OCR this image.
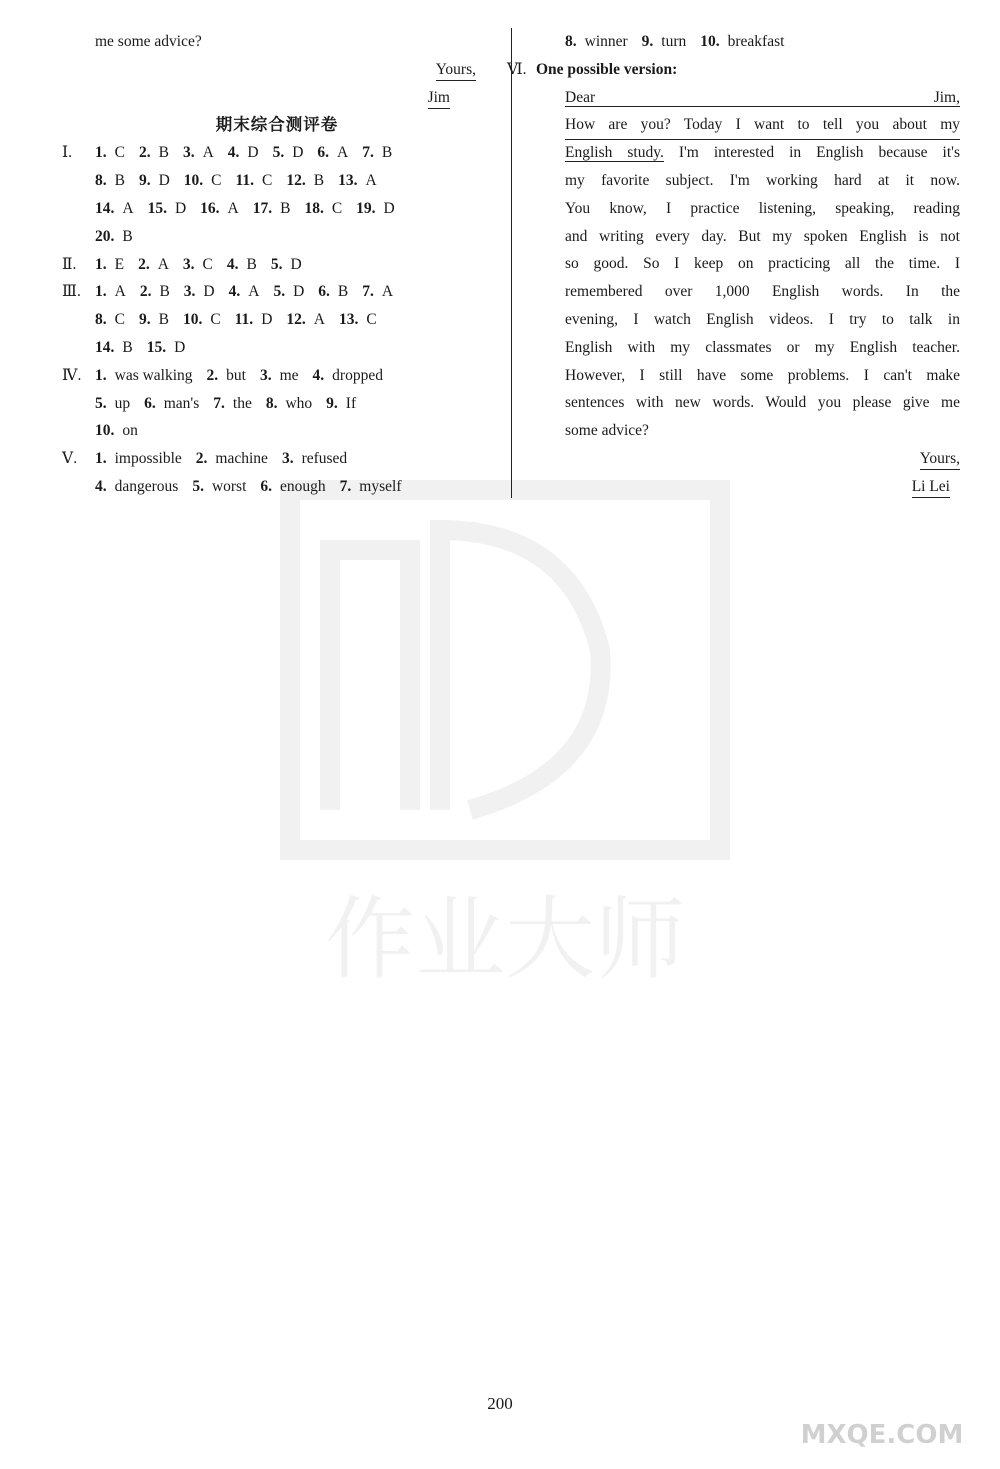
作业大师
me some advice?
Yours,
Jim
期末综合测评卷
Ⅰ. 1. C 2. B 3. A 4. D 5. D 6. A 7. B
8. B 9. D 10. C 11. C 12. B 13. A
14. A 15. D 16. A 17. B 18. C 19. D
20. B
Ⅱ. 1. E 2. A 3. C 4. B 5. D
Ⅲ. 1. A 2. B 3. D 4. A 5. D 6. B 7. A
8. C 9. B 10. C 11. D 12. A 13. C
14. B 15. D
Ⅳ. 1. was walking 2. but 3. me 4. dropped
5. up 6. man's 7. the 8. who 9. If
10. on
Ⅴ. 1. impossible 2. machine 3. refused
4. dangerous 5. worst 6. enough 7. myself
8. winner 9. turn 10. breakfast
Ⅵ. One possible version:
Dear Jim,
How are you? Today I want to tell you about my
English study. I'm interested in English because it's
my favorite subject. I'm working hard at it now.
You know, I practice listening, speaking, reading
and writing every day. But my spoken English is not
so good. So I keep on practicing all the time. I
remembered over 1,000 English words. In the
evening, I watch English videos. I try to talk in
English with my classmates or my English teacher.
However, I still have some problems. I can't make
sentences with new words. Would you please give me
some advice?
Yours,
Li Lei
200
MXQE.COM
